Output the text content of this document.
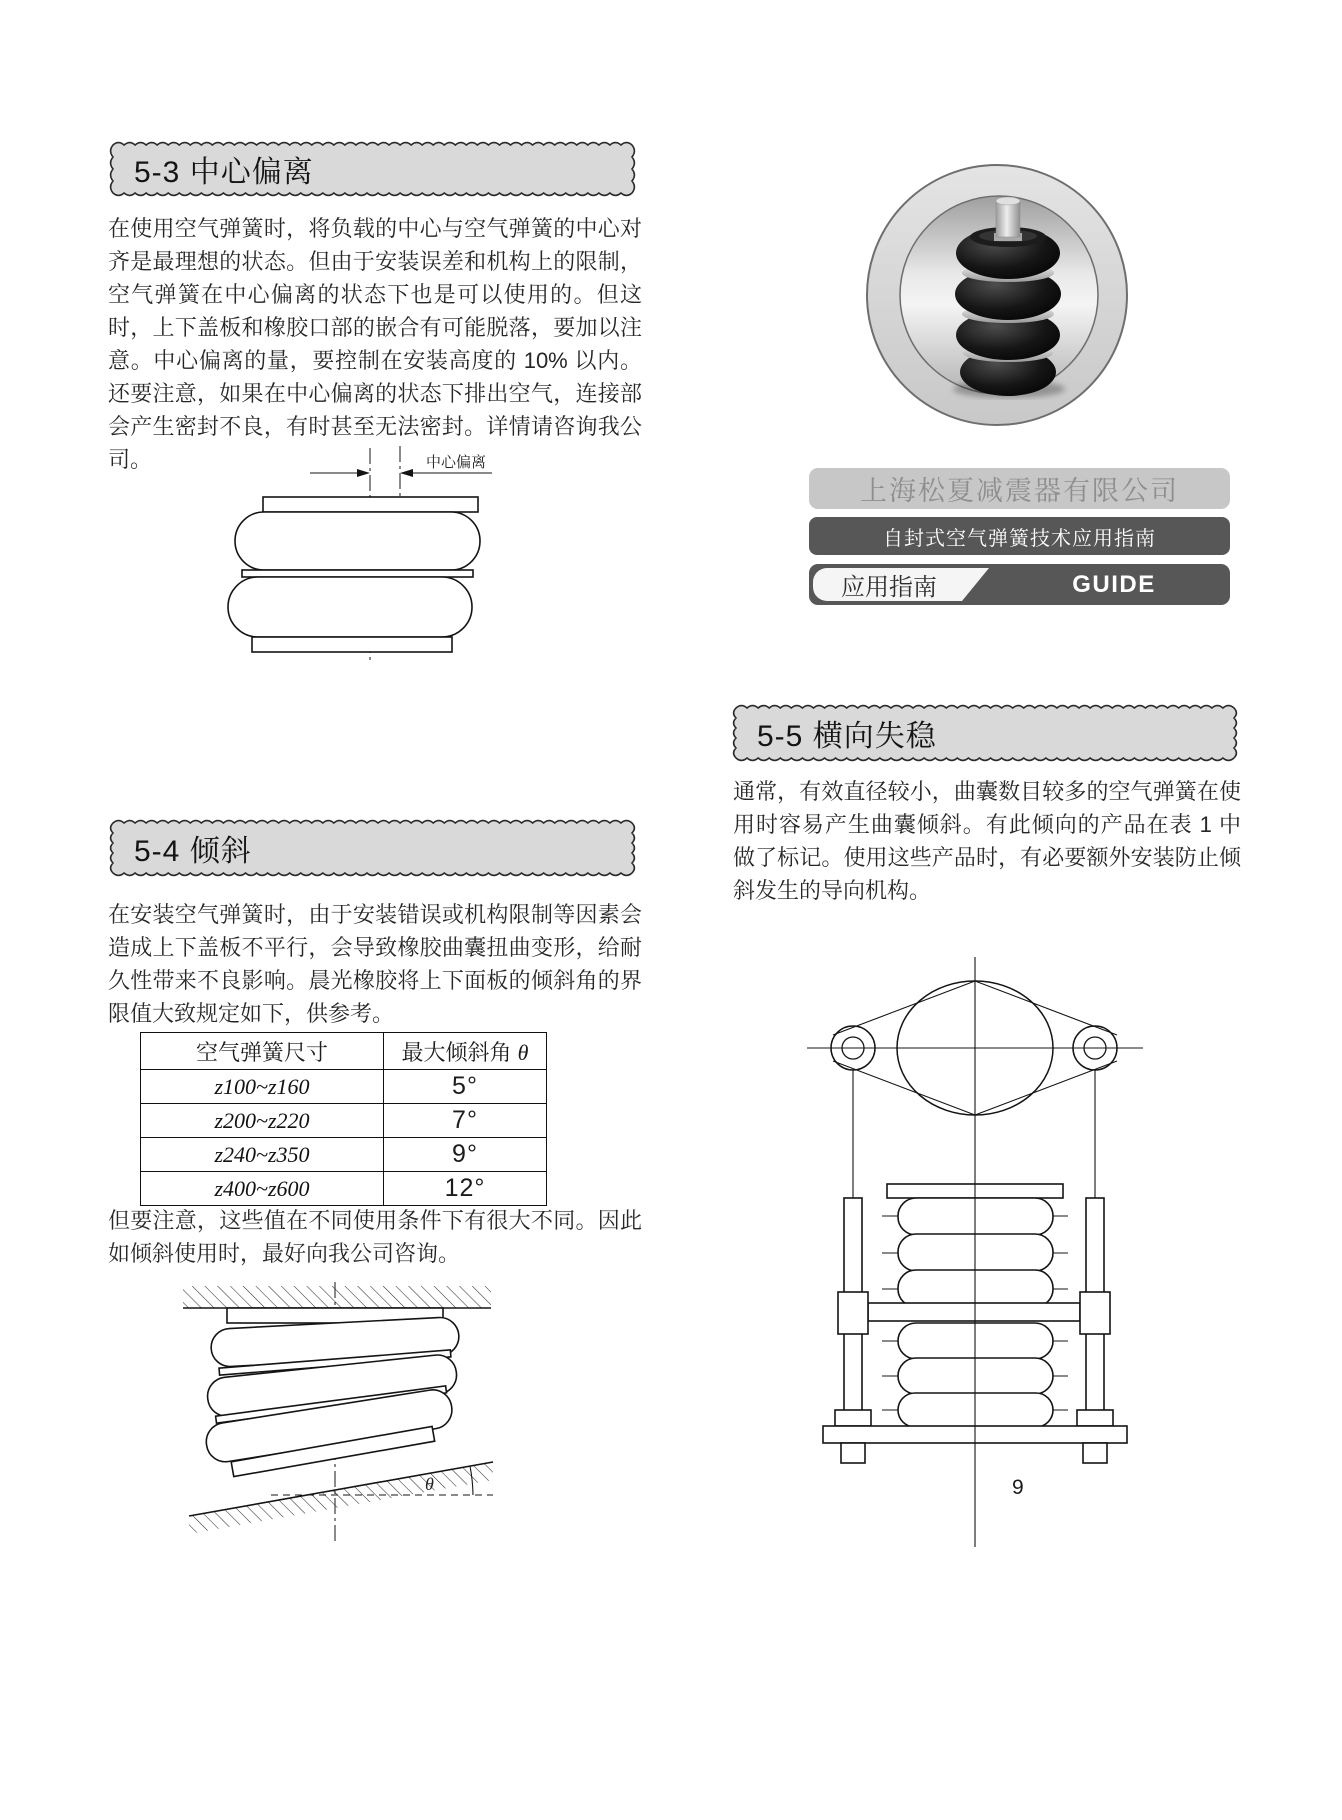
5-3 中心偏离
在使用空气弹簧时，将负载的中心与空气弹簧的中心对齐是最理想的状态。但由于安装误差和机构上的限制，空气弹簧在中心偏离的状态下也是可以使用的。但这时，上下盖板和橡胶口部的嵌合有可能脱落，要加以注意。中心偏离的量，要控制在安装高度的 10% 以内。还要注意，如果在中心偏离的状态下排出空气，连接部会产生密封不良，有时甚至无法密封。详情请咨询我公司。	中心偏离
5-4 倾斜
在安装空气弹簧时，由于安装错误或机构限制等因素会造成上下盖板不平行，会导致橡胶曲囊扭曲变形，给耐久性带来不良影响。晨光橡胶将上下面板的倾斜角的界限值大致规定如下，供参考。
空气弹簧尺寸	最大倾斜角 θ
z100~z160	5°
z200~z220	7°
z240~z350	9°
z400~z600	12°
但要注意，这些值在不同使用条件下有很大不同。因此如倾斜使用时，最好向我公司咨询。
θ
上海松夏减震器有限公司
自封式空气弹簧技术应用指南
应用指南	GUIDE
5-5 横向失稳
通常，有效直径较小，曲囊数目较多的空气弹簧在使用时容易产生曲囊倾斜。有此倾向的产品在表 1 中做了标记。使用这些产品时，有必要额外安装防止倾斜发生的导向机构。
9
